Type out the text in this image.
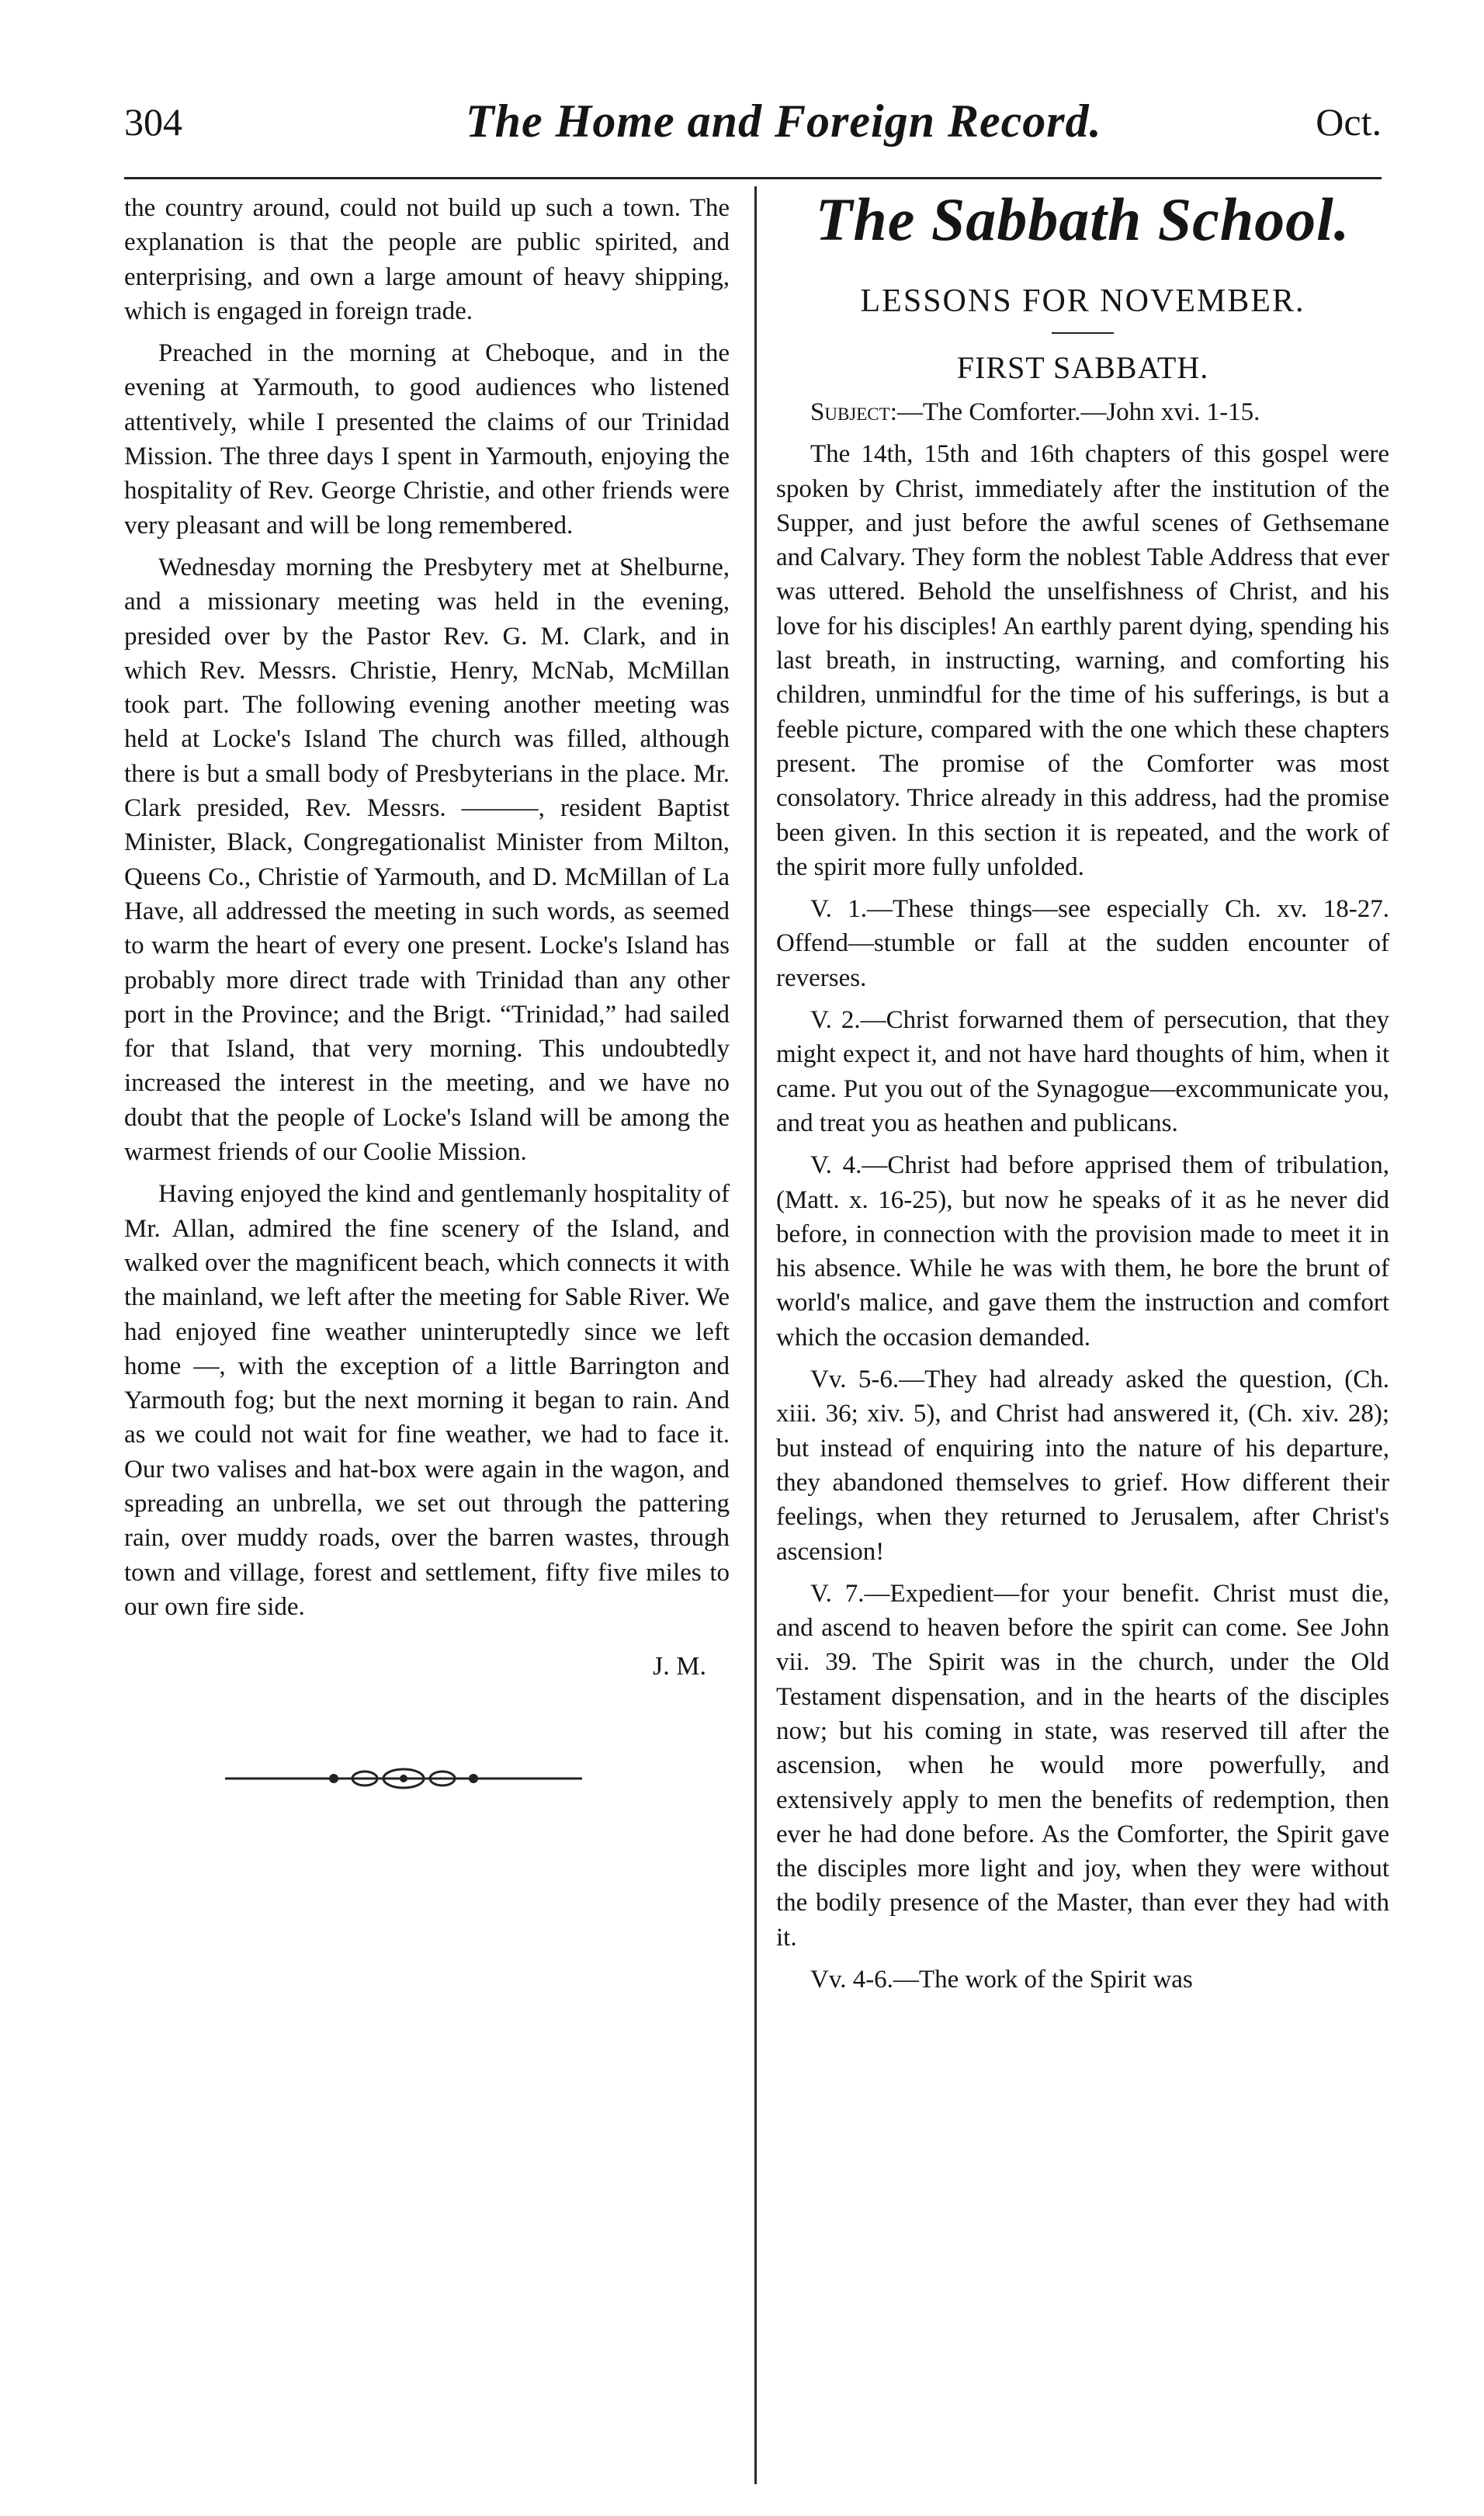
304	The Home and Foreign Record.	Oct.

the country around, could not build up such a town. The explanation is that the people are public spirited, and enterprising, and own a large amount of heavy shipping, which is engaged in foreign trade.

Preached in the morning at Cheboque, and in the evening at Yarmouth, to good audiences who listened attentively, while I presented the claims of our Trinidad Mission. The three days I spent in Yarmouth, enjoying the hospitality of Rev. George Christie, and other friends were very pleasant and will be long remembered.

Wednesday morning the Presbytery met at Shelburne, and a missionary meeting was held in the evening, presided over by the Pastor Rev. G. M. Clark, and in which Rev. Messrs. Christie, Henry, McNab, McMillan took part. The following evening another meeting was held at Locke's Island The church was filled, although there is but a small body of Presbyterians in the place. Mr. Clark presided, Rev. Messrs. ———, resident Baptist Minister, Black, Congregationalist Minister from Milton, Queens Co., Christie of Yarmouth, and D. McMillan of La Have, all addressed the meeting in such words, as seemed to warm the heart of every one present. Locke's Island has probably more direct trade with Trinidad than any other port in the Province; and the Brigt. “Trinidad,” had sailed for that Island, that very morning. This undoubtedly increased the interest in the meeting, and we have no doubt that the people of Locke's Island will be among the warmest friends of our Coolie Mission.

Having enjoyed the kind and gentlemanly hospitality of Mr. Allan, admired the fine scenery of the Island, and walked over the magnificent beach, which connects it with the mainland, we left after the meeting for Sable River. We had enjoyed fine weather uninteruptedly since we left home —, with the exception of a little Barrington and Yarmouth fog; but the next morning it began to rain. And as we could not wait for fine weather, we had to face it. Our two valises and hat-box were again in the wagon, and spreading an unbrella, we set out through the pattering rain, over muddy roads, over the barren wastes, through town and village, forest and settlement, fifty five miles to our own fire side.

J. M.
The Sabbath School.
LESSONS FOR NOVEMBER.
FIRST SABBATH.

Subject:—The Comforter.—John xvi. 1-15.

The 14th, 15th and 16th chapters of this gospel were spoken by Christ, immediately after the institution of the Supper, and just before the awful scenes of Gethsemane and Calvary. They form the noblest Table Address that ever was uttered. Behold the unselfishness of Christ, and his love for his disciples! An earthly parent dying, spending his last breath, in instructing, warning, and comforting his children, unmindful for the time of his sufferings, is but a feeble picture, compared with the one which these chapters present. The promise of the Comforter was most consolatory. Thrice already in this address, had the promise been given. In this section it is repeated, and the work of the spirit more fully unfolded.

V. 1.—These things—see especially Ch. xv. 18-27. Offend—stumble or fall at the sudden encounter of reverses.

V. 2.—Christ forwarned them of persecution, that they might expect it, and not have hard thoughts of him, when it came. Put you out of the Synagogue—excommunicate you, and treat you as heathen and publicans.

V. 4.—Christ had before apprised them of tribulation, (Matt. x. 16-25), but now he speaks of it as he never did before, in connection with the provision made to meet it in his absence. While he was with them, he bore the brunt of world's malice, and gave them the instruction and comfort which the occasion demanded.

Vv. 5-6.—They had already asked the question, (Ch. xiii. 36; xiv. 5), and Christ had answered it, (Ch. xiv. 28); but instead of enquiring into the nature of his departure, they abandoned themselves to grief. How different their feelings, when they returned to Jerusalem, after Christ's ascension!

V. 7.—Expedient—for your benefit. Christ must die, and ascend to heaven before the spirit can come. See John vii. 39. The Spirit was in the church, under the Old Testament dispensation, and in the hearts of the disciples now; but his coming in state, was reserved till after the ascension, when he would more powerfully, and extensively apply to men the benefits of redemption, then ever he had done before. As the Comforter, the Spirit gave the disciples more light and joy, when they were without the bodily presence of the Master, than ever they had with it.

Vv. 4-6.—The work of the Spirit was
